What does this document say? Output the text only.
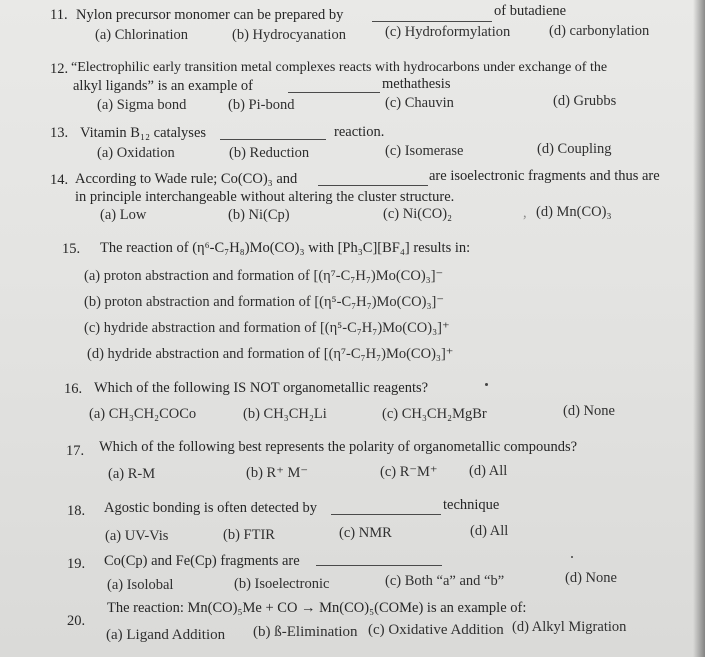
11. Nylon precursor monomer can be prepared by	of butadiene
(a) Chlorination	(b) Hydrocyanation	(c) Hydroformylation	(d) carbonylation
12. “Electrophilic early transition metal complexes reacts with hydrocarbons under exchange of the
alkyl ligands” is an example of	methathesis
(a) Sigma bond	(b) Pi-bond	(c) Chauvin	(d) Grubbs
13. Vitamin B₁₂ catalyses	reaction.
(a) Oxidation	(b) Reduction	(c) Isomerase	(d) Coupling
14. According to Wade rule; Co(CO)₃ and	are isoelectronic fragments and thus are
in principle interchangeable without altering the cluster structure.
(a) Low	(b) Ni(Cp)	(c) Ni(CO)₂	, (d) Mn(CO)₃
15. The reaction of (η⁶-C₇H₈)Mo(CO)₃ with [Ph₃C][BF₄] results in:
(a) proton abstraction and formation of [(η⁷-C₇H₇)Mo(CO)₃]⁻
(b) proton abstraction and formation of [(η⁵-C₇H₇)Mo(CO)₃]⁻
(c) hydride abstraction and formation of [(η⁵-C₇H₇)Mo(CO)₃]⁺
(d) hydride abstraction and formation of [(η⁷-C₇H₇)Mo(CO)₃]⁺
16. Which of the following IS NOT organometallic reagents?
(a) CH₃CH₂COCo	(b) CH₃CH₂Li	(c) CH₃CH₂MgBr	(d) None
17. Which of the following best represents the polarity of organometallic compounds?
(a) R-M	(b) R⁺ M⁻	(c) R⁻M⁺ (d) All
18. Agostic bonding is often detected by	technique
(a) UV-Vis	(b) FTIR	(c) NMR	(d) All
19. Co(Cp) and Fe(Cp) fragments are
(a) Isolobal	(b) Isoelectronic	(c) Both “a” and “b”	(d) None
20.
The reaction: Mn(CO)₅Me + CO → Mn(CO)₅(COMe) is an example of:
(a) Ligand Addition (b) ß-Elimination (c) Oxidative Addition (d) Alkyl Migration
